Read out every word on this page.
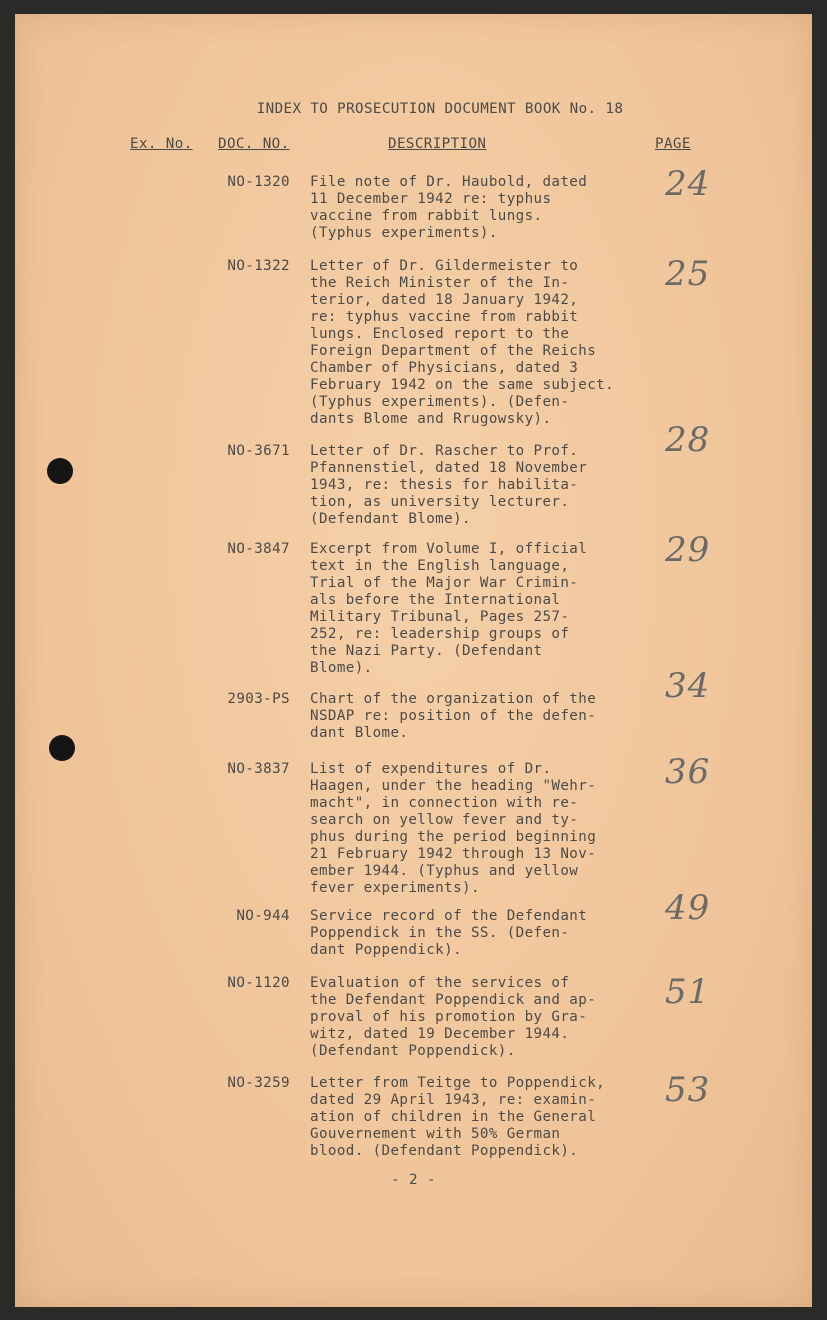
INDEX TO PROSECUTION DOCUMENT BOOK No. 18
Ex. No. DOC. NO.	DESCRIPTION	PAGE
NO-1320 File note of Dr. Haubold, dated
11 December 1942 re: typhus
vaccine from rabbit lungs.
(Typhus experiments).
24
NO-1322 Letter of Dr. Gildermeister to
the Reich Minister of the In-
terior, dated 18 January 1942,
re: typhus vaccine from rabbit
lungs. Enclosed report to the
Foreign Department of the Reichs
Chamber of Physicians, dated 3
February 1942 on the same subject.
(Typhus experiments). (Defen-
dants Blome and Rrugowsky).
25
NO-3671 Letter of Dr. Rascher to Prof.
Pfannenstiel, dated 18 November
1943, re: thesis for habilita-
tion, as university lecturer.
(Defendant Blome).
28
NO-3847 Excerpt from Volume I, official
text in the English language,
Trial of the Major War Crimin-
als before the International
Military Tribunal, Pages 257-
252, re: leadership groups of
the Nazi Party. (Defendant
Blome).
29
2903-PS Chart of the organization of the
NSDAP re: position of the defen-
dant Blome.
34
NO-3837 List of expenditures of Dr.
Haagen, under the heading "Wehr-
macht", in connection with re-
search on yellow fever and ty-
phus during the period beginning
21 February 1942 through 13 Nov-
ember 1944. (Typhus and yellow
fever experiments).
36
NO-944 Service record of the Defendant
Poppendick in the SS. (Defen-
dant Poppendick).
49
NO-1120 Evaluation of the services of
the Defendant Poppendick and ap-
proval of his promotion by Gra-
witz, dated 19 December 1944.
(Defendant Poppendick).
51
NO-3259 Letter from Teitge to Poppendick,
dated 29 April 1943, re: examin-
ation of children in the General
Gouvernement with 50% German
blood. (Defendant Poppendick).
53
- 2 -
